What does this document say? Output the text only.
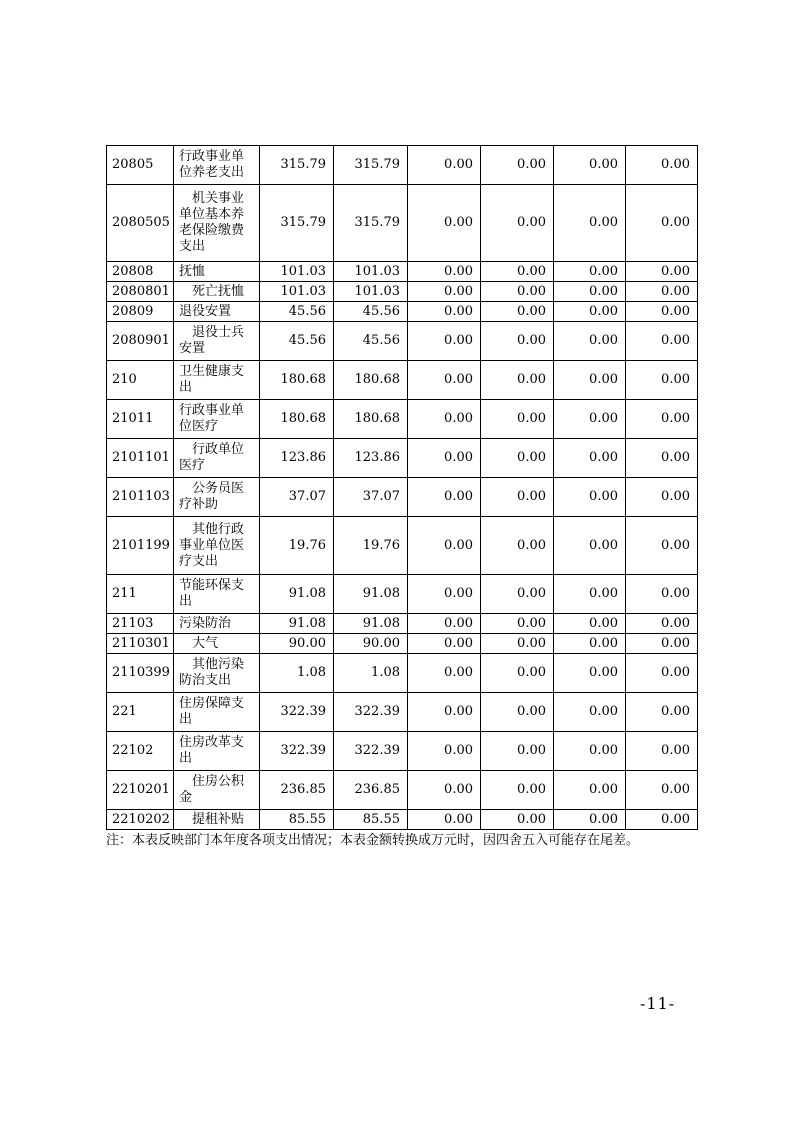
20805	行政事业单位养老支出	315.79	315.79	0.00	0.00	0.00	0.00
2080505	机关事业单位基本养老保险缴费支出	315.79	315.79	0.00	0.00	0.00	0.00
20808	抚恤	101.03	101.03	0.00	0.00	0.00	0.00
2080801	死亡抚恤	101.03	101.03	0.00	0.00	0.00	0.00
20809	退役安置	45.56	45.56	0.00	0.00	0.00	0.00
2080901	退役士兵安置	45.56	45.56	0.00	0.00	0.00	0.00
210	卫生健康支出	180.68	180.68	0.00	0.00	0.00	0.00
21011	行政事业单位医疗	180.68	180.68	0.00	0.00	0.00	0.00
2101101	行政单位医疗	123.86	123.86	0.00	0.00	0.00	0.00
2101103	公务员医疗补助	37.07	37.07	0.00	0.00	0.00	0.00
2101199	其他行政事业单位医疗支出	19.76	19.76	0.00	0.00	0.00	0.00
211	节能环保支出	91.08	91.08	0.00	0.00	0.00	0.00
21103	污染防治	91.08	91.08	0.00	0.00	0.00	0.00
2110301	大气	90.00	90.00	0.00	0.00	0.00	0.00
2110399	其他污染防治支出	1.08	1.08	0.00	0.00	0.00	0.00
221	住房保障支出	322.39	322.39	0.00	0.00	0.00	0.00
22102	住房改革支出	322.39	322.39	0.00	0.00	0.00	0.00
2210201	住房公积金	236.85	236.85	0.00	0.00	0.00	0.00
2210202	提租补贴	85.55	85.55	0.00	0.00	0.00	0.00
注：本表反映部门本年度各项支出情况；本表金额转换成万元时，因四舍五入可能存在尾差。
-11-
